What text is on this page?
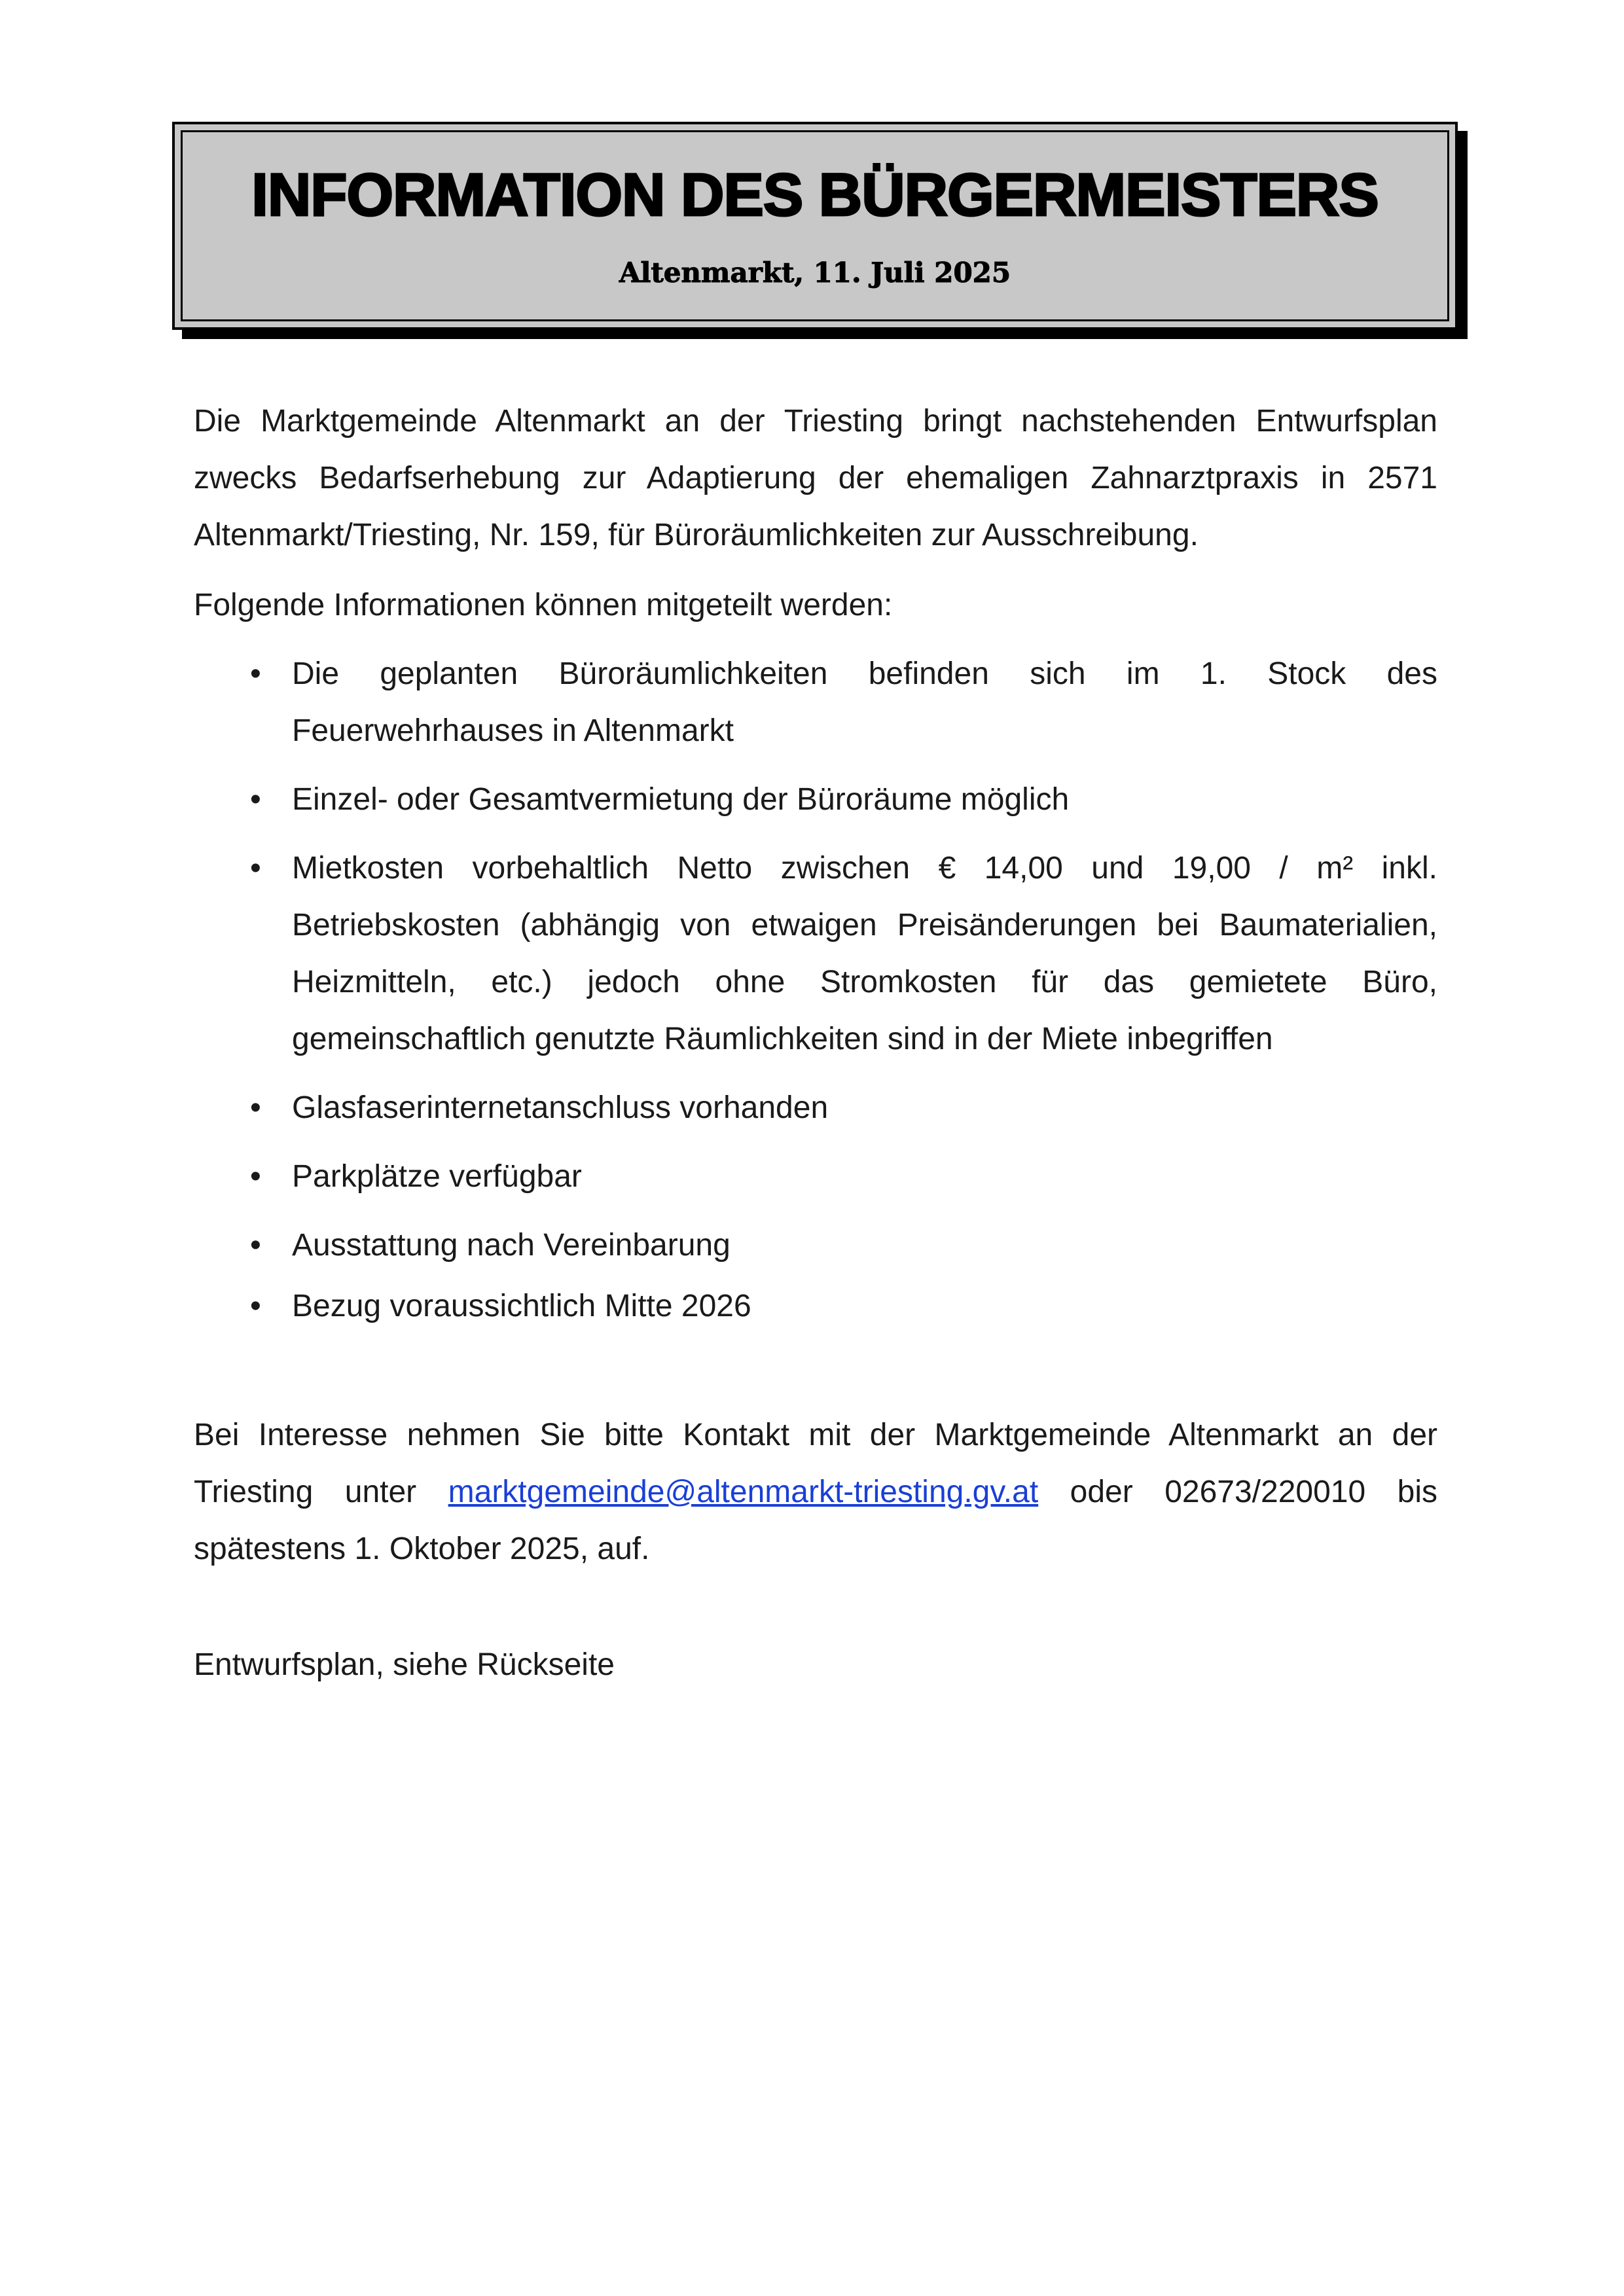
INFORMATION DES BÜRGERMEISTERS
Altenmarkt, 11. Juli 2025

Die Marktgemeinde Altenmarkt an der Triesting bringt nachstehenden Entwurfsplan zwecks Bedarfserhebung zur Adaptierung der ehemaligen Zahnarztpraxis in 2571 Altenmarkt/Triesting, Nr. 159, für Büroräumlichkeiten zur Ausschreibung.

Folgende Informationen können mitgeteilt werden:

• Die geplanten Büroräumlichkeiten befinden sich im 1. Stock des Feuerwehrhauses in Altenmarkt
• Einzel- oder Gesamtvermietung der Büroräume möglich
• Mietkosten vorbehaltlich Netto zwischen € 14,00 und 19,00 / m² inkl. Betriebskosten (abhängig von etwaigen Preisänderungen bei Baumaterialien, Heizmitteln, etc.) jedoch ohne Stromkosten für das gemietete Büro, gemeinschaftlich genutzte Räumlichkeiten sind in der Miete inbegriffen
• Glasfaserinternetanschluss vorhanden
• Parkplätze verfügbar
• Ausstattung nach Vereinbarung
• Bezug voraussichtlich Mitte 2026

Bei Interesse nehmen Sie bitte Kontakt mit der Marktgemeinde Altenmarkt an der Triesting unter marktgemeinde@altenmarkt-triesting.gv.at oder 02673/220010 bis spätestens 1. Oktober 2025, auf.

Entwurfsplan, siehe Rückseite
